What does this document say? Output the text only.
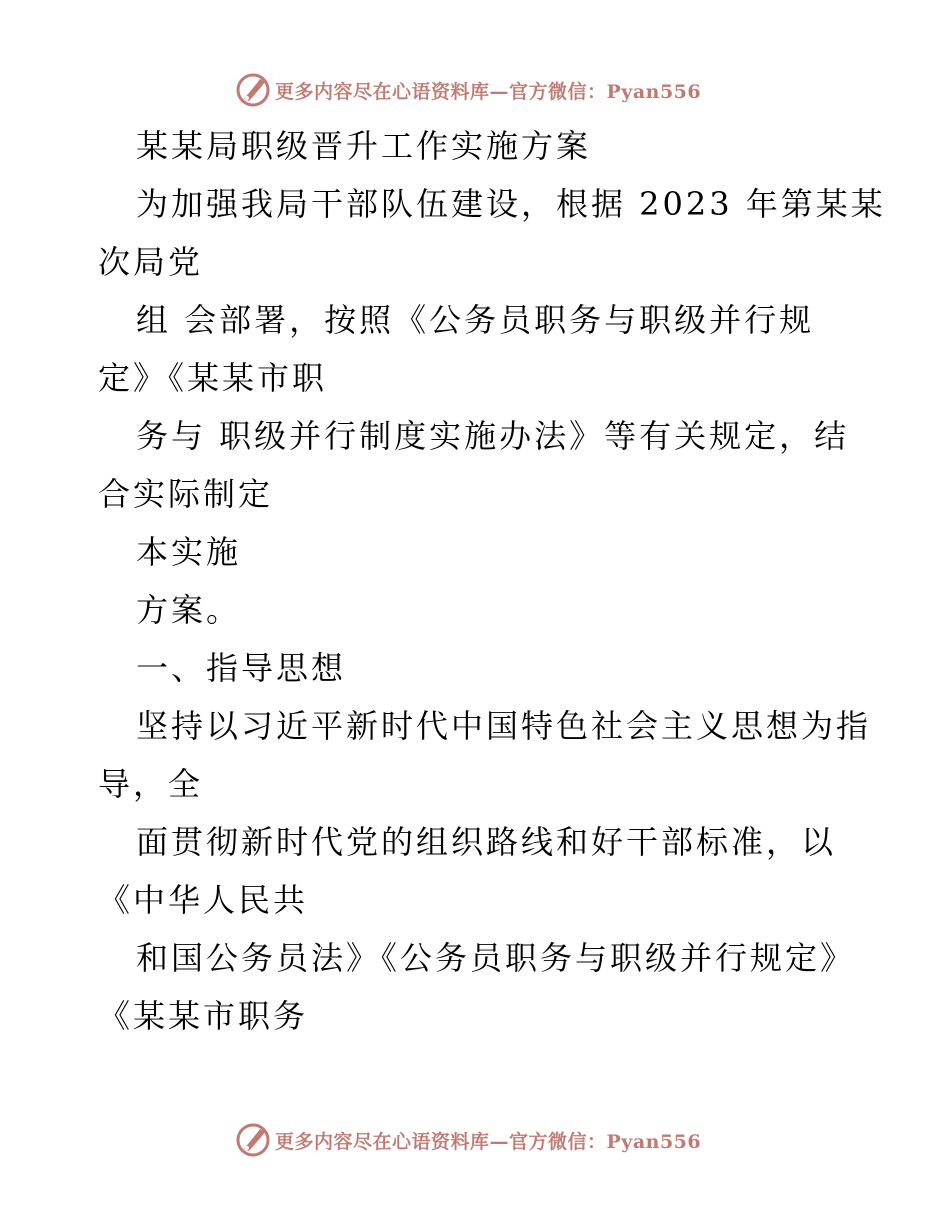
更多内容尽在心语资料库—官方微信：Pyan556
某某局职级晋升工作实施方案
为加强我局干部队伍建设，根据 2023 年第某某
次局党
组 会部署，按照《公务员职务与职级并行规
定》《某某市职
务与 职级并行制度实施办法》等有关规定，结
合实际制定
本实施
方案。
一、指导思想
坚持以习近平新时代中国特色社会主义思想为指
导，全
面贯彻新时代党的组织路线和好干部标准，以
《中华人民共
和国公务员法》《公务员职务与职级并行规定》
《某某市职务
更多内容尽在心语资料库—官方微信：Pyan556
